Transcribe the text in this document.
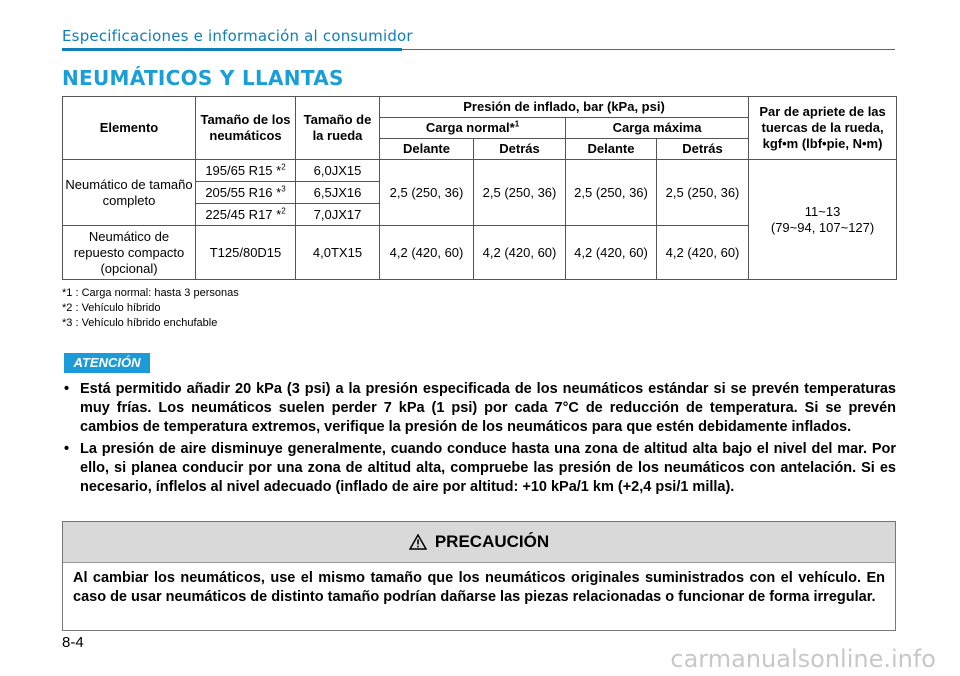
Especificaciones e información al consumidor
NEUMÁTICOS Y LLANTAS
Elemento	Tamaño de los neumáticos	Tamaño de la rueda	Presión de inflado, bar (kPa, psi)				Par de apriete de las tuercas de la rueda, kgf•m (lbf•pie, N•m)
			Carga normal*$^1$		Carga máxima		
			Delante	Detrás	Delante	Detrás	
Neumático de tamaño completo	195/65 R15 *$^2$	6,0JX15	2,5 (250, 36)	2,5 (250, 36)	2,5 (250, 36)	2,5 (250, 36)	11~13
(79~94, 107~127)
	205/55 R16 *$^3$	6,5JX16					
	225/45 R17 *$^2$	7,0JX17					
Neumático de repuesto compacto (opcional)	T125/80D15	4,0TX15	4,2 (420, 60)	4,2 (420, 60)	4,2 (420, 60)	4,2 (420, 60)	
*1 : Carga normal: hasta 3 personas
*2 : Vehículo híbrido
*3 : Vehículo híbrido enchufable
ATENCIÓN
• Está permitido añadir 20 kPa (3 psi) a la presión especificada de los neumáticos estándar si se prevén temperaturas muy frías. Los neumáticos suelen perder 7 kPa (1 psi) por cada 7°C de reducción de temperatura. Si se prevén cambios de temperatura extremos, verifique la presión de los neumáticos para que estén debidamente inflados.
• La presión de aire disminuye generalmente, cuando conduce hasta una zona de altitud alta bajo el nivel del mar. Por ello, si planea conducir por una zona de altitud alta, compruebe las presión de los neumáticos con antelación. Si es necesario, ínflelos al nivel adecuado (inflado de aire por altitud: +10 kPa/1 km (+2,4 psi/1 milla).
PRECAUCIÓN
Al cambiar los neumáticos, use el mismo tamaño que los neumáticos originales suministrados con el vehículo. En caso de usar neumáticos de distinto tamaño podrían dañarse las piezas relacionadas o funcionar de forma irregular.
8-4
carmanualsonline.info
